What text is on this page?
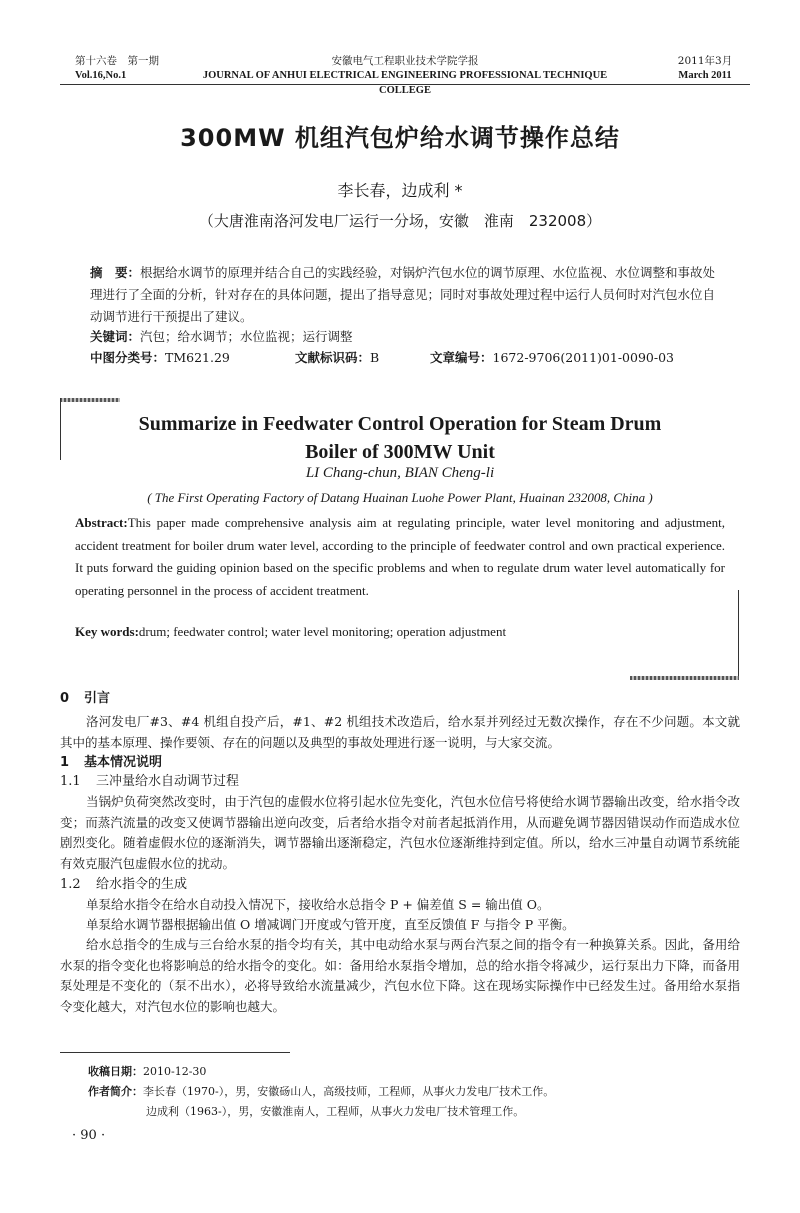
第十六卷　第一期
Vol.16,No.1
安徽电气工程职业技术学院学报
JOURNAL OF ANHUI ELECTRICAL ENGINEERING PROFESSIONAL TECHNIQUE COLLEGE
2011年3月
March 2011
300MW 机组汽包炉给水调节操作总结
李长春，边成利 *
（大唐淮南洛河发电厂运行一分场，安徽　淮南　232008）
摘　要：根据给水调节的原理并结合自己的实践经验，对锅炉汽包水位的调节原理、水位监视、水位调整和事故处理进行了全面的分析，针对存在的具体问题，提出了指导意见；同时对事故处理过程中运行人员何时对汽包水位自动调节进行干预提出了建议。
关键词：汽包；给水调节；水位监视；运行调整
中图分类号：TM621.29	文献标识码：B	文章编号：1672-9706(2011)01-0090-03
Summarize in Feedwater Control Operation for Steam Drum
Boiler of 300MW Unit
LI Chang-chun, BIAN Cheng-li
( The First Operating Factory of Datang Huainan Luohe Power Plant, Huainan 232008, China )
Abstract:This paper made comprehensive analysis aim at regulating principle, water level monitoring and adjustment, accident treatment for boiler drum water level, according to the principle of feedwater control and own practical experience. It puts forward the guiding opinion based on the specific problems and when to regulate drum water level automatically for operating personnel in the process of accident treatment.
Key words:drum; feedwater control; water level monitoring; operation adjustment
0 引言
洛河发电厂#3、#4 机组自投产后，#1、#2 机组技术改造后，给水泵并列经过无数次操作，存在不少问题。本文就其中的基本原理、操作要领、存在的问题以及典型的事故处理进行逐一说明，与大家交流。
1 基本情况说明
1.1 三冲量给水自动调节过程
当锅炉负荷突然改变时，由于汽包的虚假水位将引起水位先变化，汽包水位信号将使给水调节器输出改变，给水指令改变；而蒸汽流量的改变又使调节器输出逆向改变，后者给水指令对前者起抵消作用，从而避免调节器因错误动作而造成水位剧烈变化。随着虚假水位的逐渐消失，调节器输出逐渐稳定，汽包水位逐渐维持到定值。所以，给水三冲量自动调节系统能有效克服汽包虚假水位的扰动。
1.2 给水指令的生成
单泵给水指令在给水自动投入情况下，接收给水总指令 P + 偏差值 S = 输出值 O。
单泵给水调节器根据输出值 O 增减调门开度或勺管开度，直至反馈值 F 与指令 P 平衡。
给水总指令的生成与三台给水泵的指令均有关，其中电动给水泵与两台汽泵之间的指令有一种换算关系。因此，备用给水泵的指令变化也将影响总的给水指令的变化。如：备用给水泵指令增加，总的给水指令将减少，运行泵出力下降，而备用泵处理是不变化的（泵不出水），必将导致给水流量减少，汽包水位下降。这在现场实际操作中已经发生过。备用给水泵指令变化越大，对汽包水位的影响也越大。
收稿日期：2010-12-30
作者简介：李长春（1970-），男，安徽砀山人，高级技师，工程师，从事火力发电厂技术工作。
边成利（1963-），男，安徽淮南人，工程师，从事火力发电厂技术管理工作。
· 90 ·
